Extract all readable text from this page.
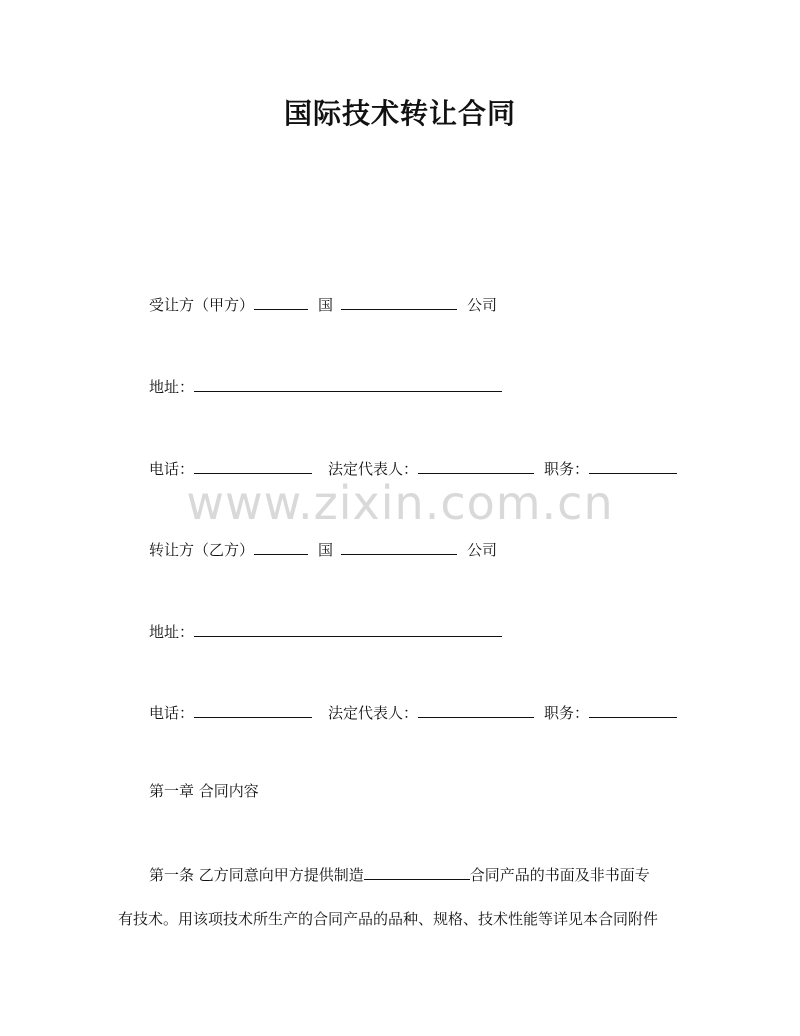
国际技术转让合同
www.zixin.com.cn
受让方（甲方）	国	公司
地址：
电话：	法定代表人：	职务：
转让方（乙方）	国	公司
地址：
电话：	法定代表人：	职务：
第一章 合同内容
第一条 乙方同意向甲方提供制造	合同产品的书面及非书面专
有技术。用该项技术所生产的合同产品的品种、规格、技术性能等详见本合同附件
